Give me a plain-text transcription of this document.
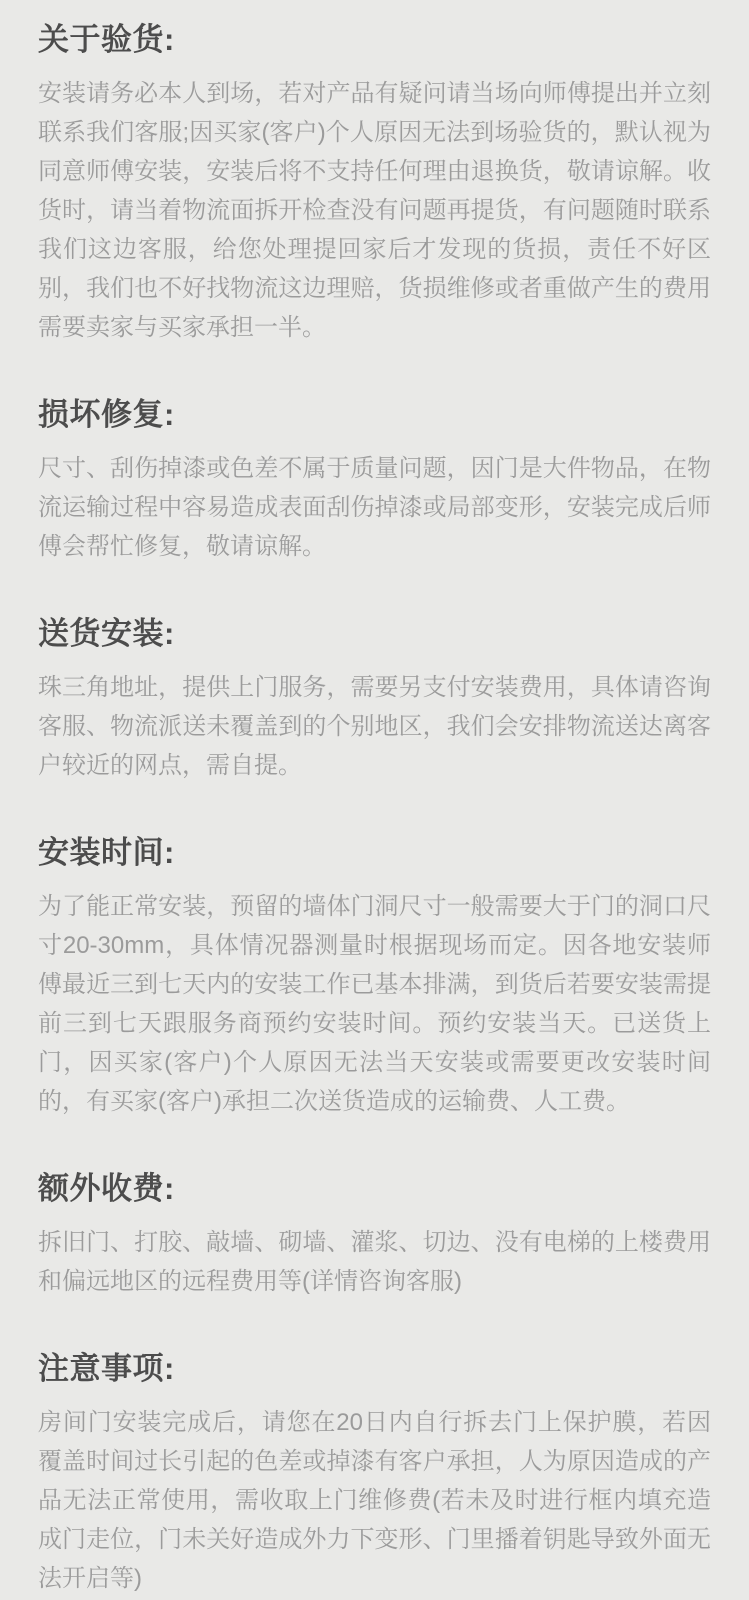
关于验货:

安装请务必本人到场，若对产品有疑问请当场向师傅提出并立刻联系我们客服;因买家(客户)个人原因无法到场验货的，默认视为同意师傅安装，安装后将不支持任何理由退换货，敬请谅解。收货时，请当着物流面拆开检查没有问题再提货，有问题随时联系我们这边客服，给您处理提回家后才发现的货损，责任不好区别，我们也不好找物流这边理赔，货损维修或者重做产生的费用需要卖家与买家承担一半。

损坏修复:

尺寸、刮伤掉漆或色差不属于质量问题，因门是大件物品，在物流运输过程中容易造成表面刮伤掉漆或局部变形，安装完成后师傅会帮忙修复，敬请谅解。

送货安装:

珠三角地址，提供上门服务，需要另支付安装费用，具体请咨询客服、物流派送未覆盖到的个别地区，我们会安排物流送达离客户较近的网点，需自提。

安装时间:

为了能正常安装，预留的墙体门洞尺寸一般需要大于门的洞口尺寸20-30mm，具体情况器测量时根据现场而定。因各地安装师傅最近三到七天内的安装工作已基本排满，到货后若要安装需提前三到七天跟服务商预约安装时间。预约安装当天。已送货上门，因买家(客户)个人原因无法当天安装或需要更改安装时间的，有买家(客户)承担二次送货造成的运输费、人工费。

额外收费:

拆旧门、打胶、敲墙、砌墙、灌浆、切边、没有电梯的上楼费用和偏远地区的远程费用等(详情咨询客服)

注意事项:

房间门安装完成后，请您在20日内自行拆去门上保护膜，若因覆盖时间过长引起的色差或掉漆有客户承担，人为原因造成的产品无法正常使用，需收取上门维修费(若未及时进行框内填充造成门走位，门未关好造成外力下变形、门里播着钥匙导致外面无法开启等)
